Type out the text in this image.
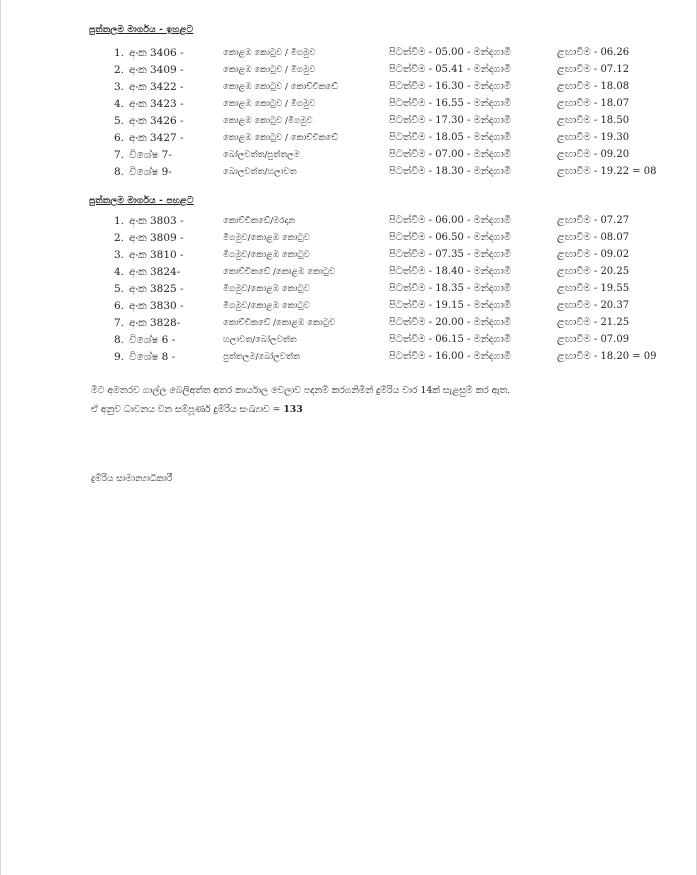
පුත්තලම මාර්ගය - ඉහළට
1. අංක 3406 -	කොළඹ කොටුව / මීගමුව	පිටත්වීම - 05.00 - මන්දගාමී	ළඟාවීම - 06.26
2. අංක 3409 -	කොළඹ කොටුව / මීගමුව	පිටත්වීම - 05.41 - මන්දගාමී	ළඟාවීම - 07.12
3. අංක 3422 -	කොළඹ කොටුව / කොච්චිකඩේ	පිටත්වීම - 16.30 - මන්දගාමී	ළඟාවීම - 18.08
4. අංක 3423 -	කොළඹ කොටුව / මීගමුව	පිටත්වීම - 16.55 - මන්දගාමී	ළඟාවීම - 18.07
5. අංක 3426 -	කොළඹ කොටුව /මීගමුව	පිටත්වීම - 17.30 - මන්දගාමී	ළඟාවීම - 18.50
6. අංක 3427 -	කොළඹ කොටුව / කොච්චිකඩේ	පිටත්වීම - 18.05 - මන්දගාමී	ළඟාවීම - 19.30
7. විශේෂ 7-	බෝලවත්ත/පුත්තලම	පිටත්වීම - 07.00 - මන්දගාමී	ළඟාවීම - 09.20
8. විශේෂ 9-	බොලවත්ත/හලාවත	පිටත්වීම - 18.30 - මන්දගාමී	ළඟාවීම - 19.22 = 08
පුත්තලම මාර්ගය - පහළට
1. අංක 3803 -	කොච්චිකඩේ/මරදාන	පිටත්වීම - 06.00 - මන්දගාමී	ළඟාවීම - 07.27
2. අංක 3809 -	මීගමුව/කොළඹ කොටුව	පිටත්වීම - 06.50 - මන්දගාමී	ළඟාවීම - 08.07
3. අංක 3810 -	මීගමුව/කොළඹ කොටුව	පිටත්වීම - 07.35 - මන්දගාමී	ළඟාවීම - 09.02
4. අංක 3824-	කොච්චිකඩේ /කොළඹ කොටුව	පිටත්වීම - 18.40 - මන්දගාමී	ළඟාවීම - 20.25
5. අංක 3825 -	මීගමුව/කොළඹ කොටුව	පිටත්වීම - 18.35 - මන්දගාමී	ළඟාවීම - 19.55
6. අංක 3830 -	මීගමුව/කොළඹ කොටුව	පිටත්වීම - 19.15 - මන්දගාමී	ළඟාවීම - 20.37
7. අංක 3828-	කොච්චිකඩේ /කොළඹ කොටුව	පිටත්වීම - 20.00 - මන්දගාමී	ළඟාවීම - 21.25
8. විශේෂ 6 -	හලාවත/බෝලවත්ත	පිටත්වීම - 06.15 - මන්දගාමී	ළඟාවීම - 07.09
9. විශේෂ 8 -	පුත්තලම/බෝලවත්ත	පිටත්වීම - 16.00 - මන්දගාමී	ළඟාවීම - 18.20 = 09
මීට අමතරව ගාල්ල බෙලිඅත්ත අතර කාර්යාල වෙලාව පදනම් කරගනිමින් දුම්රිය වාර 14ක් සැළසුම් කර ඇත.
ඒ අනුව ධාවනය වන සම්පූර්ණ දුම්රිය සංඛ්‍යාව = 133
දුම්රිය සාමාන්‍යාධිකාරී
